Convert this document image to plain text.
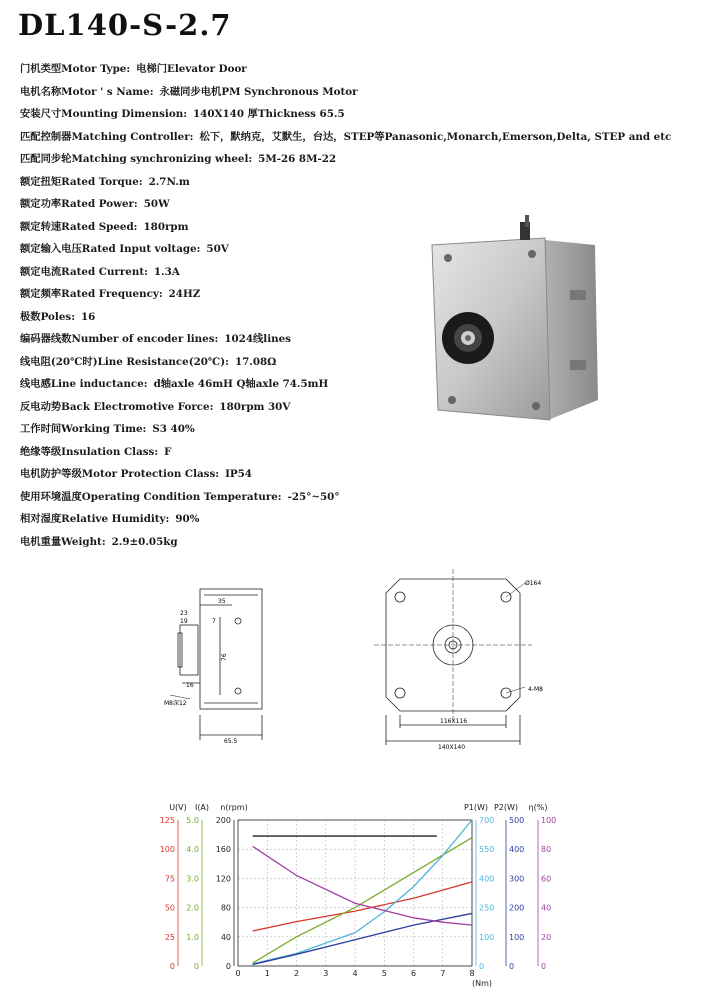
DL140-S-2.7
门机类型Motor Type: 电梯门Elevator Door
电机名称Motor ' s Name: 永磁同步电机PM Synchronous Motor
安装尺寸Mounting Dimension: 140X140 厚Thickness 65.5
匹配控制器Matching Controller: 松下，默纳克，艾默生，台达，STEP等Panasonic,Monarch,Emerson,Delta, STEP and etc
匹配同步轮Matching synchronizing wheel: 5M-26 8M-22
额定扭矩Rated Torque: 2.7N.m
额定功率Rated Power: 50W
额定转速Rated Speed: 180rpm
额定输入电压Rated Input voltage: 50V
额定电流Rated Current: 1.3A
额定频率Rated Frequency: 24HZ
极数Poles: 16
编码器线数Number of encoder lines: 1024线lines
线电阻(20℃时)Line Resistance(20℃): 17.08Ω
线电感Line inductance: d轴axle 46mH Q轴axle 74.5mH
反电动势Back Electromotive Force: 180rpm 30V
工作时间Working Time: S3 40%
绝缘等级Insulation Class: F
电机防护等级Motor Protection Class: IP54
使用环境温度Operating Condition Temperature: -25°~50°
相对湿度Relative Humidity: 90%
电机重量Weight: 2.9±0.05kg
23
19
35
7
76
16
M8深12
65.5
Ø164
4-M8
116X116
140X140
0	1	2	3	4	5	6	7	8
(Nm)
0
25
50
75
100
125
U(V)
0
1.0
2.0
3.0
4.0
5.0
I(A)
0
40
80
120
160
200
n(rpm)
0
100
250
400
550
700
P1(W)
0
100
200
300
400
500
P2(W)
0
20
40
60
80
100
η(%)
